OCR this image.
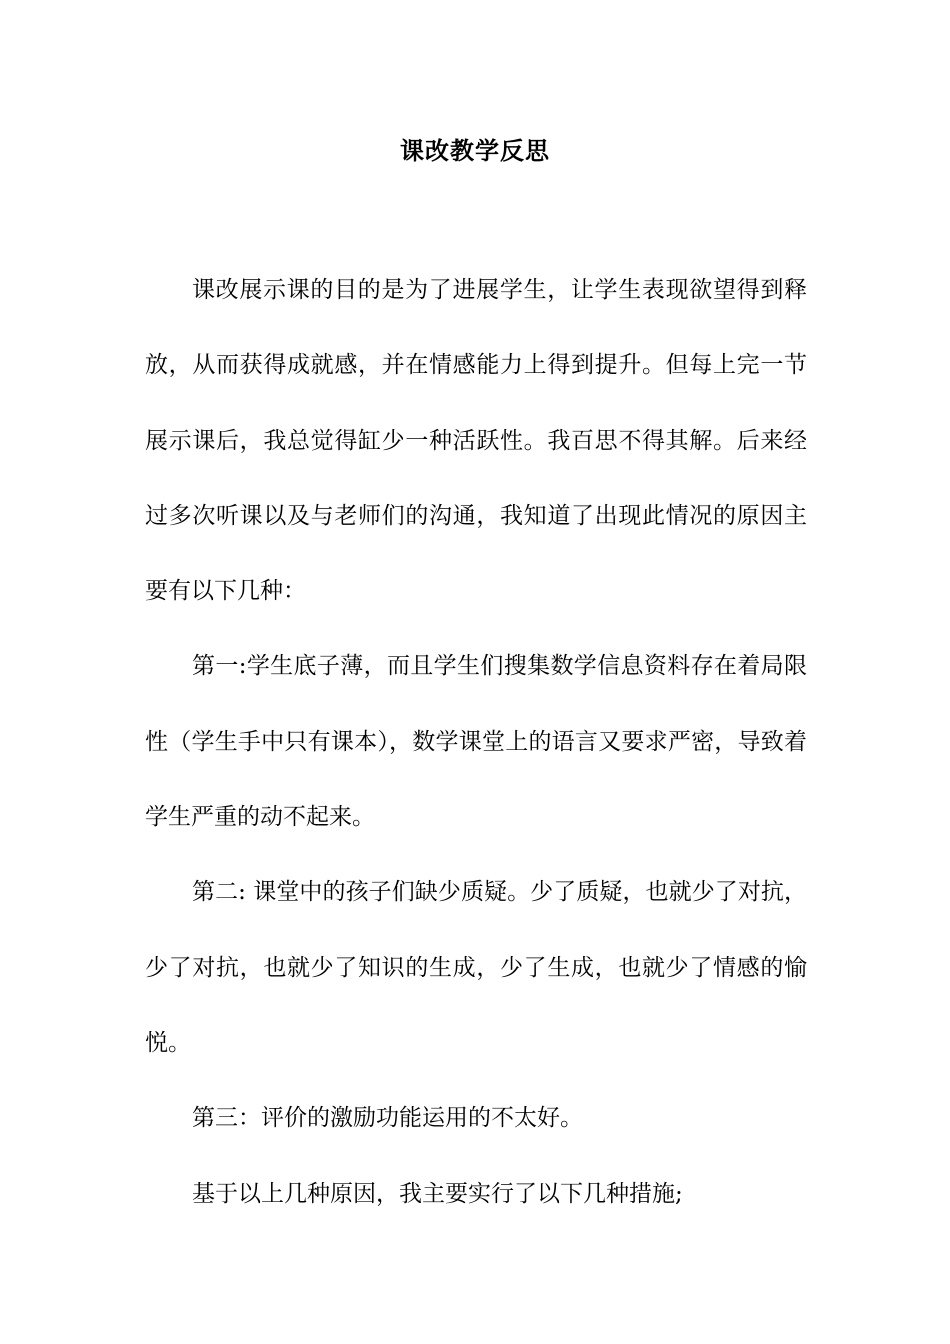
课改教学反思

课改展示课的目的是为了进展学生，让学生表现欲望得到释放，从而获得成就感，并在情感能力上得到提升。但每上完一节展示课后，我总觉得缸少一种活跃性。我百思不得其解。后来经过多次听课以及与老师们的沟通，我知道了出现此情况的原因主要有以下几种：

第一:学生底子薄，而且学生们搜集数学信息资料存在着局限性（学生手中只有课本），数学课堂上的语言又要求严密，导致着学生严重的动不起来。

第二: 课堂中的孩子们缺少质疑。少了质疑，也就少了对抗，少了对抗，也就少了知识的生成，少了生成，也就少了情感的愉悦。

第三：评价的激励功能运用的不太好。

基于以上几种原因，我主要实行了以下几种措施;
